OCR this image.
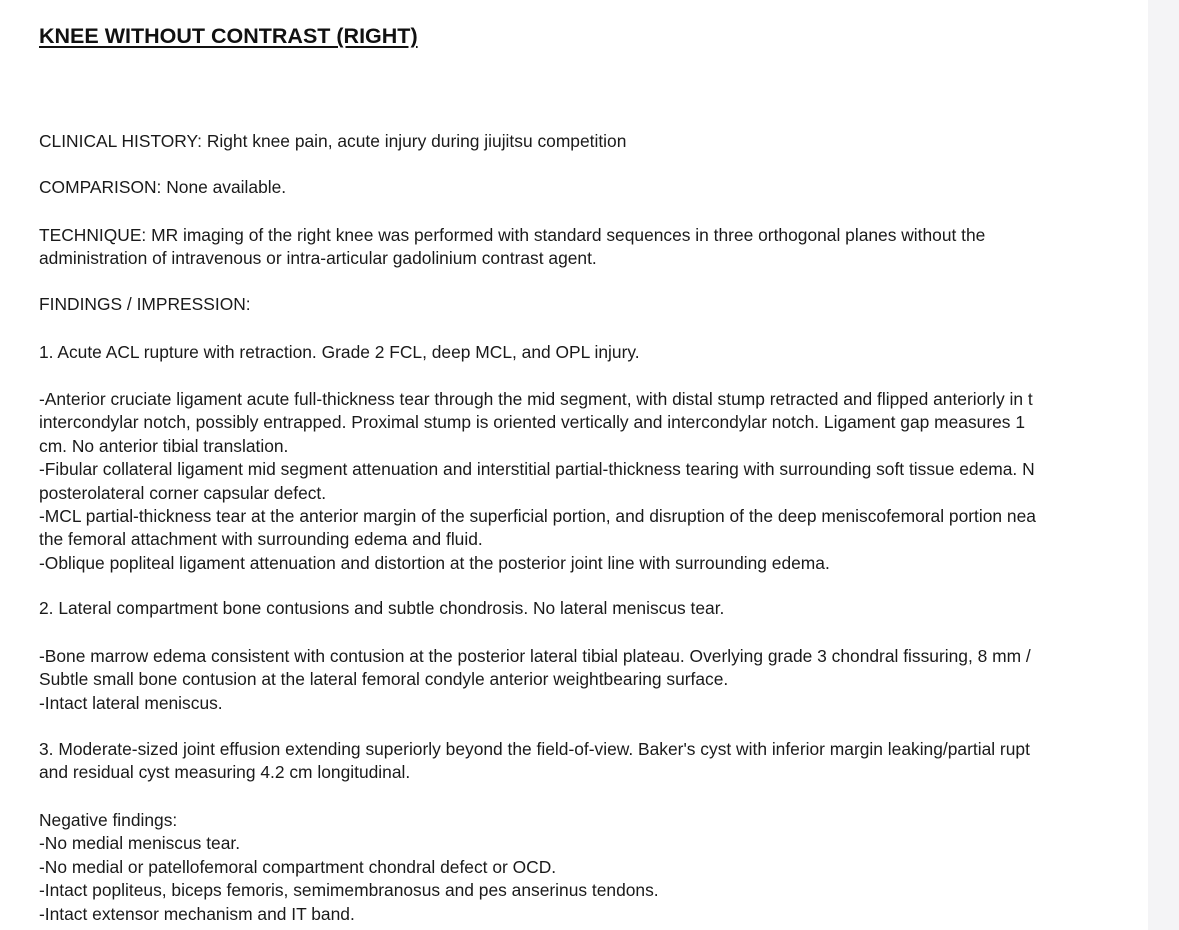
KNEE WITHOUT CONTRAST (RIGHT)

CLINICAL HISTORY: Right knee pain, acute injury during jiujitsu competition

COMPARISON: None available.

TECHNIQUE: MR imaging of the right knee was performed with standard sequences in three orthogonal planes without the
administration of intravenous or intra-articular gadolinium contrast agent.

FINDINGS / IMPRESSION:

1. Acute ACL rupture with retraction. Grade 2 FCL, deep MCL, and OPL injury.

-Anterior cruciate ligament acute full-thickness tear through the mid segment, with distal stump retracted and flipped anteriorly in t
intercondylar notch, possibly entrapped. Proximal stump is oriented vertically and intercondylar notch. Ligament gap measures 1
cm. No anterior tibial translation.
-Fibular collateral ligament mid segment attenuation and interstitial partial-thickness tearing with surrounding soft tissue edema. N
posterolateral corner capsular defect.
-MCL partial-thickness tear at the anterior margin of the superficial portion, and disruption of the deep meniscofemoral portion nea
the femoral attachment with surrounding edema and fluid.
-Oblique popliteal ligament attenuation and distortion at the posterior joint line with surrounding edema.

2. Lateral compartment bone contusions and subtle chondrosis. No lateral meniscus tear.

-Bone marrow edema consistent with contusion at the posterior lateral tibial plateau. Overlying grade 3 chondral fissuring, 8 mm /
Subtle small bone contusion at the lateral femoral condyle anterior weightbearing surface.
-Intact lateral meniscus.

3. Moderate-sized joint effusion extending superiorly beyond the field-of-view. Baker's cyst with inferior margin leaking/partial rupt
and residual cyst measuring 4.2 cm longitudinal.

Negative findings:
-No medial meniscus tear.
-No medial or patellofemoral compartment chondral defect or OCD.
-Intact popliteus, biceps femoris, semimembranosus and pes anserinus tendons.
-Intact extensor mechanism and IT band.
